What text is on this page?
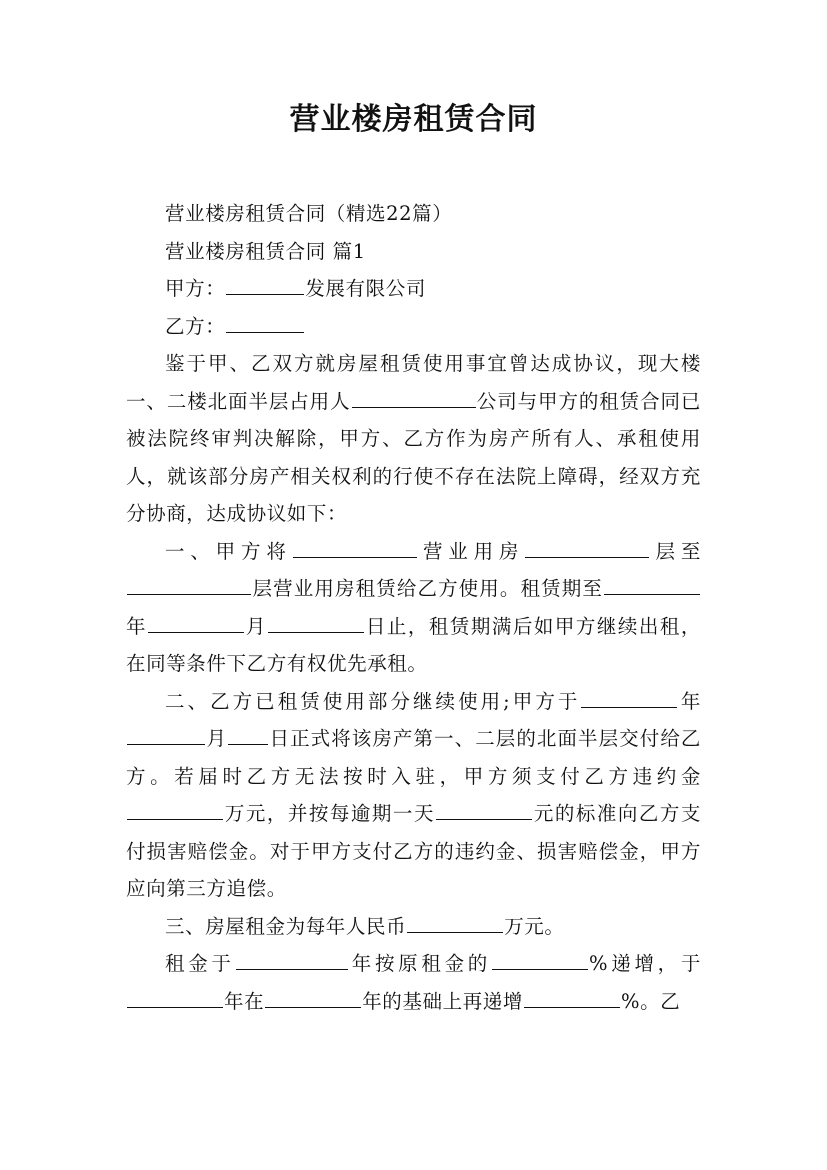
营业楼房租赁合同

营业楼房租赁合同（精选22篇）

营业楼房租赁合同 篇1

甲方：	发展有限公司

乙方：

鉴于甲、乙双方就房屋租赁使用事宜曾达成协议，现大楼一、二楼北面半层占用人	公司与甲方的租赁合同已被法院终审判决解除，甲方、乙方作为房产所有人、承租使用人，就该部分房产相关权利的行使不存在法院上障碍，经双方充分协商，达成协议如下：

一、甲方将	营业用房	层至层营业用房租赁给乙方使用。租赁期至年	月	日止，租赁期满后如甲方继续出租，在同等条件下乙方有权优先承租。

二、乙方已租赁使用部分继续使用;甲方于	年月 日正式将该房产第一、二层的北面半层交付给乙方。若届时乙方无法按时入驻，甲方须支付乙方违约金万元，并按每逾期一天	元的标准向乙方支付损害赔偿金。对于甲方支付乙方的违约金、损害赔偿金，甲方应向第三方追偿。

三、房屋租金为每年人民币	万元。

租金于	年按原租金的	%递增，于年在	年的基础上再递增	%。乙
